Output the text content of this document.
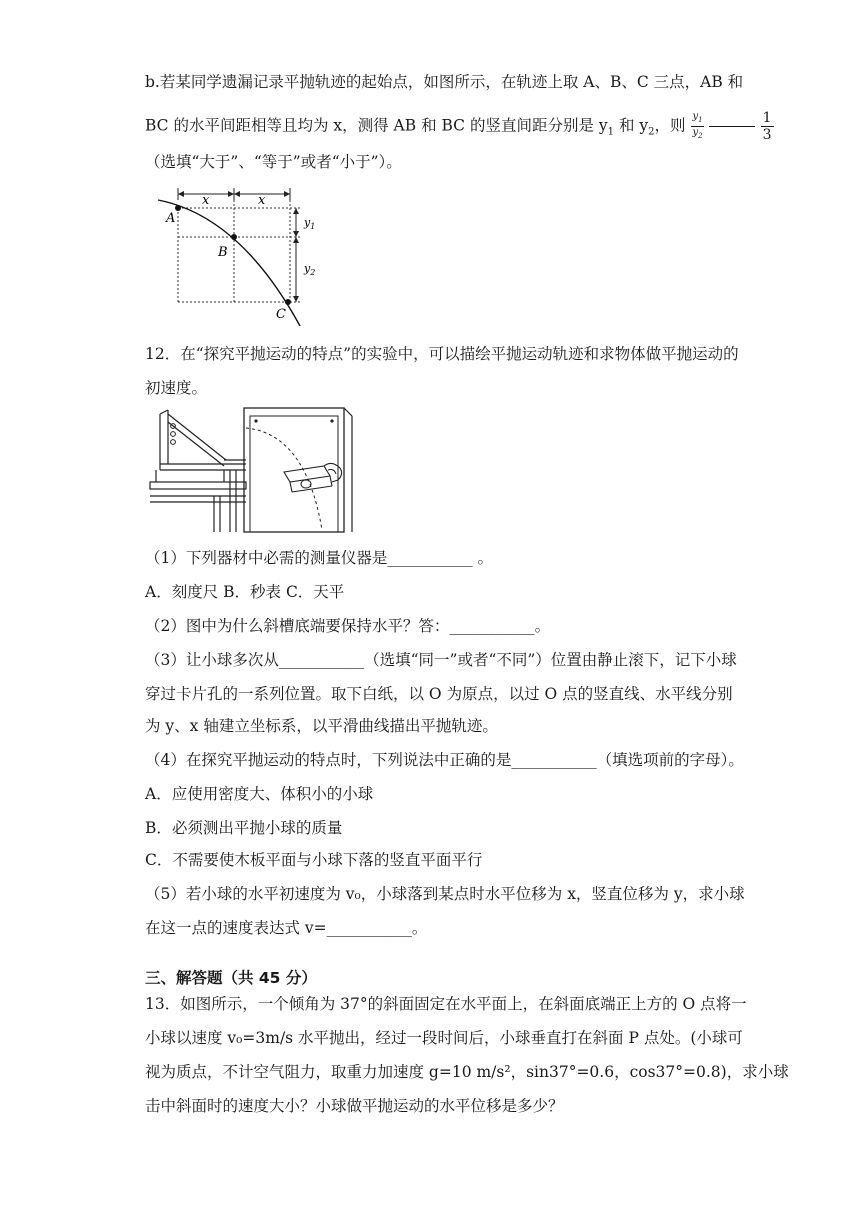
b.若某同学遗漏记录平抛轨迹的起始点，如图所示，在轨迹上取 A、B、C 三点，AB 和
BC 的水平间距相等且均为 x，测得 AB 和 BC 的竖直间距分别是 $y_1$ 和 $y_2$，则 $\frac{y_1}{y_2}$	$\frac{1}{3}$
（选填“大于”、“等于”或者“小于”）。
x	x
$y_1$
$y_2$
A
B
C
12．在“探究平抛运动的特点”的实验中，可以描绘平抛运动轨迹和求物体做平抛运动的
初速度。
（1）下列器材中必需的测量仪器是___________ 。
A．刻度尺 B．秒表 C．天平
（2）图中为什么斜槽底端要保持水平？答：___________。
（3）让小球多次从___________（选填“同一”或者“不同”）位置由静止滚下，记下小球
穿过卡片孔的一系列位置。取下白纸，以 O 为原点，以过 O 点的竖直线、水平线分别
为 y、x 轴建立坐标系，以平滑曲线描出平抛轨迹。
（4）在探究平抛运动的特点时，下列说法中正确的是___________（填选项前的字母）。
A．应使用密度大、体积小的小球
B．必须测出平抛小球的质量
C．不需要使木板平面与小球下落的竖直平面平行
（5）若小球的水平初速度为 v₀，小球落到某点时水平位移为 x，竖直位移为 y，求小球
在这一点的速度表达式 v=___________。
三、解答题（共 45 分）
13．如图所示，一个倾角为 37°的斜面固定在水平面上，在斜面底端正上方的 O 点将一
小球以速度 v₀=3m/s 水平抛出，经过一段时间后，小球垂直打在斜面 P 点处。(小球可
视为质点，不计空气阻力，取重力加速度 g=10 m/s²，sin37°=0.6，cos37°=0.8)，求小球
击中斜面时的速度大小？小球做平抛运动的水平位移是多少？
